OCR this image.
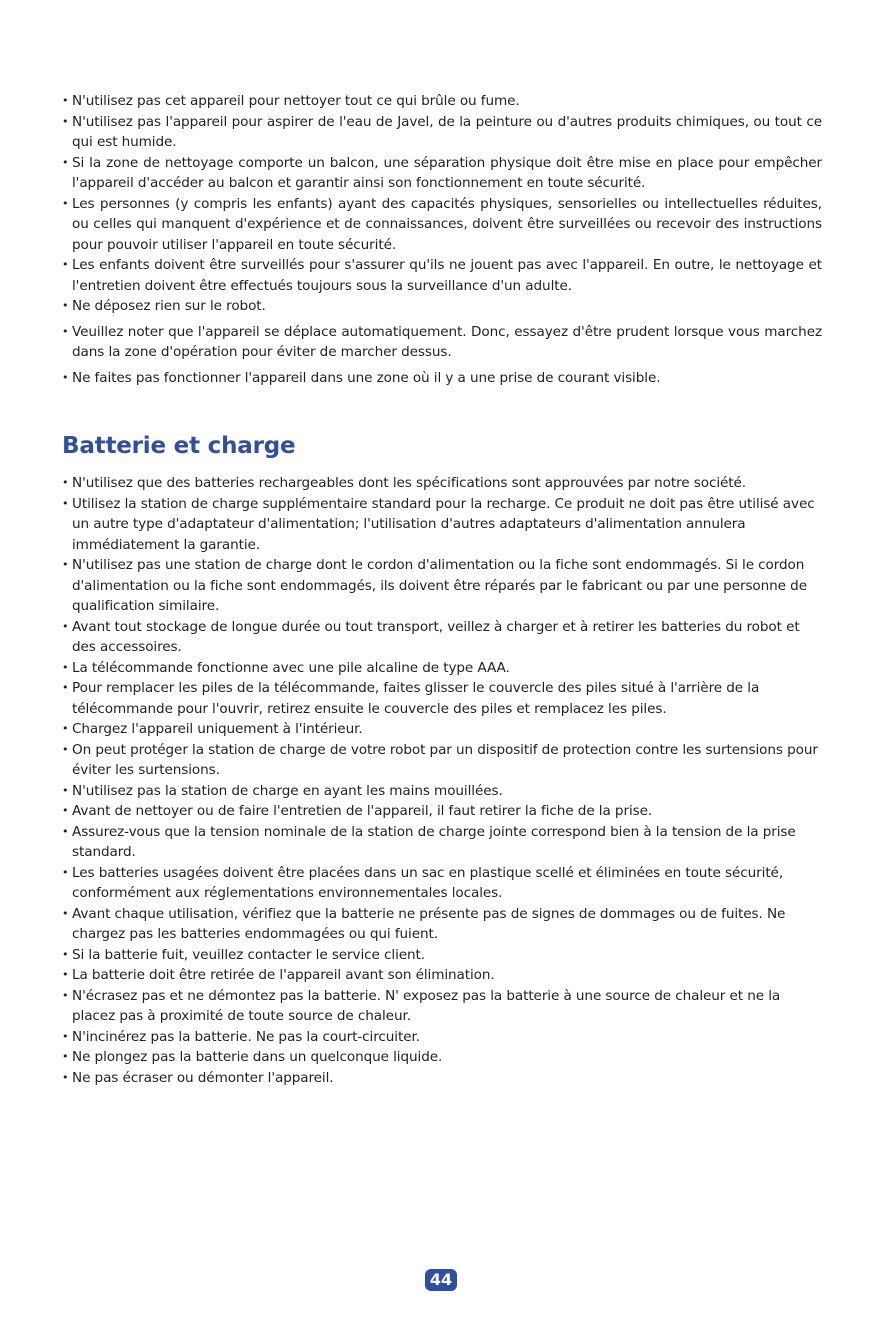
• N'utilisez pas cet appareil pour nettoyer tout ce qui brûle ou fume.
• N'utilisez pas l'appareil pour aspirer de l'eau de Javel, de la peinture ou d'autres produits chimiques, ou tout ce qui est humide.
• Si la zone de nettoyage comporte un balcon, une séparation physique doit être mise en place pour empêcher l'appareil d'accéder au balcon et garantir ainsi son fonctionnement en toute sécurité.
• Les personnes (y compris les enfants) ayant des capacités physiques, sensorielles ou intellectuelles réduites, ou celles qui manquent d'expérience et de connaissances, doivent être surveillées ou recevoir des instructions pour pouvoir utiliser l'appareil en toute sécurité.
• Les enfants doivent être surveillés pour s'assurer qu'ils ne jouent pas avec l'appareil. En outre, le nettoyage et l'entretien doivent être effectués toujours sous la surveillance d'un adulte.
• Ne déposez rien sur le robot.
• Veuillez noter que l'appareil se déplace automatiquement. Donc, essayez d'être prudent lorsque vous marchez dans la zone d'opération pour éviter de marcher dessus.
• Ne faites pas fonctionner l'appareil dans une zone où il y a une prise de courant visible.
Batterie et charge
• N'utilisez que des batteries rechargeables dont les spécifications sont approuvées par notre société.
• Utilisez la station de charge supplémentaire standard pour la recharge. Ce produit ne doit pas être utilisé avec un autre type d'adaptateur d'alimentation; l'utilisation d'autres adaptateurs d'alimentation annulera immédiatement la garantie.
• N'utilisez pas une station de charge dont le cordon d'alimentation ou la fiche sont endommagés. Si le cordon d'alimentation ou la fiche sont endommagés, ils doivent être réparés par le fabricant ou par une personne de qualification similaire.
• Avant tout stockage de longue durée ou tout transport, veillez à charger et à retirer les batteries du robot et des accessoires.
• La télécommande fonctionne avec une pile alcaline de type AAA.
• Pour remplacer les piles de la télécommande, faites glisser le couvercle des piles situé à l'arrière de la télécommande pour l'ouvrir, retirez ensuite le couvercle des piles et remplacez les piles.
• Chargez l'appareil uniquement à l'intérieur.
• On peut protéger la station de charge de votre robot par un dispositif de protection contre les surtensions pour éviter les surtensions.
• N'utilisez pas la station de charge en ayant les mains mouillées.
• Avant de nettoyer ou de faire l'entretien de l'appareil, il faut retirer la fiche de la prise.
• Assurez-vous que la tension nominale de la station de charge jointe correspond bien à la tension de la prise standard.
• Les batteries usagées doivent être placées dans un sac en plastique scellé et éliminées en toute sécurité, conformément aux réglementations environnementales locales.
• Avant chaque utilisation, vérifiez que la batterie ne présente pas de signes de dommages ou de fuites. Ne chargez pas les batteries endommagées ou qui fuient.
• Si la batterie fuit, veuillez contacter le service client.
• La batterie doit être retirée de l'appareil avant son élimination.
• N'écrasez pas et ne démontez pas la batterie. N' exposez pas la batterie à une source de chaleur et ne la placez pas à proximité de toute source de chaleur.
• N'incinérez pas la batterie. Ne pas la court-circuiter.
• Ne plongez pas la batterie dans un quelconque liquide.
• Ne pas écraser ou démonter l'appareil.
44
